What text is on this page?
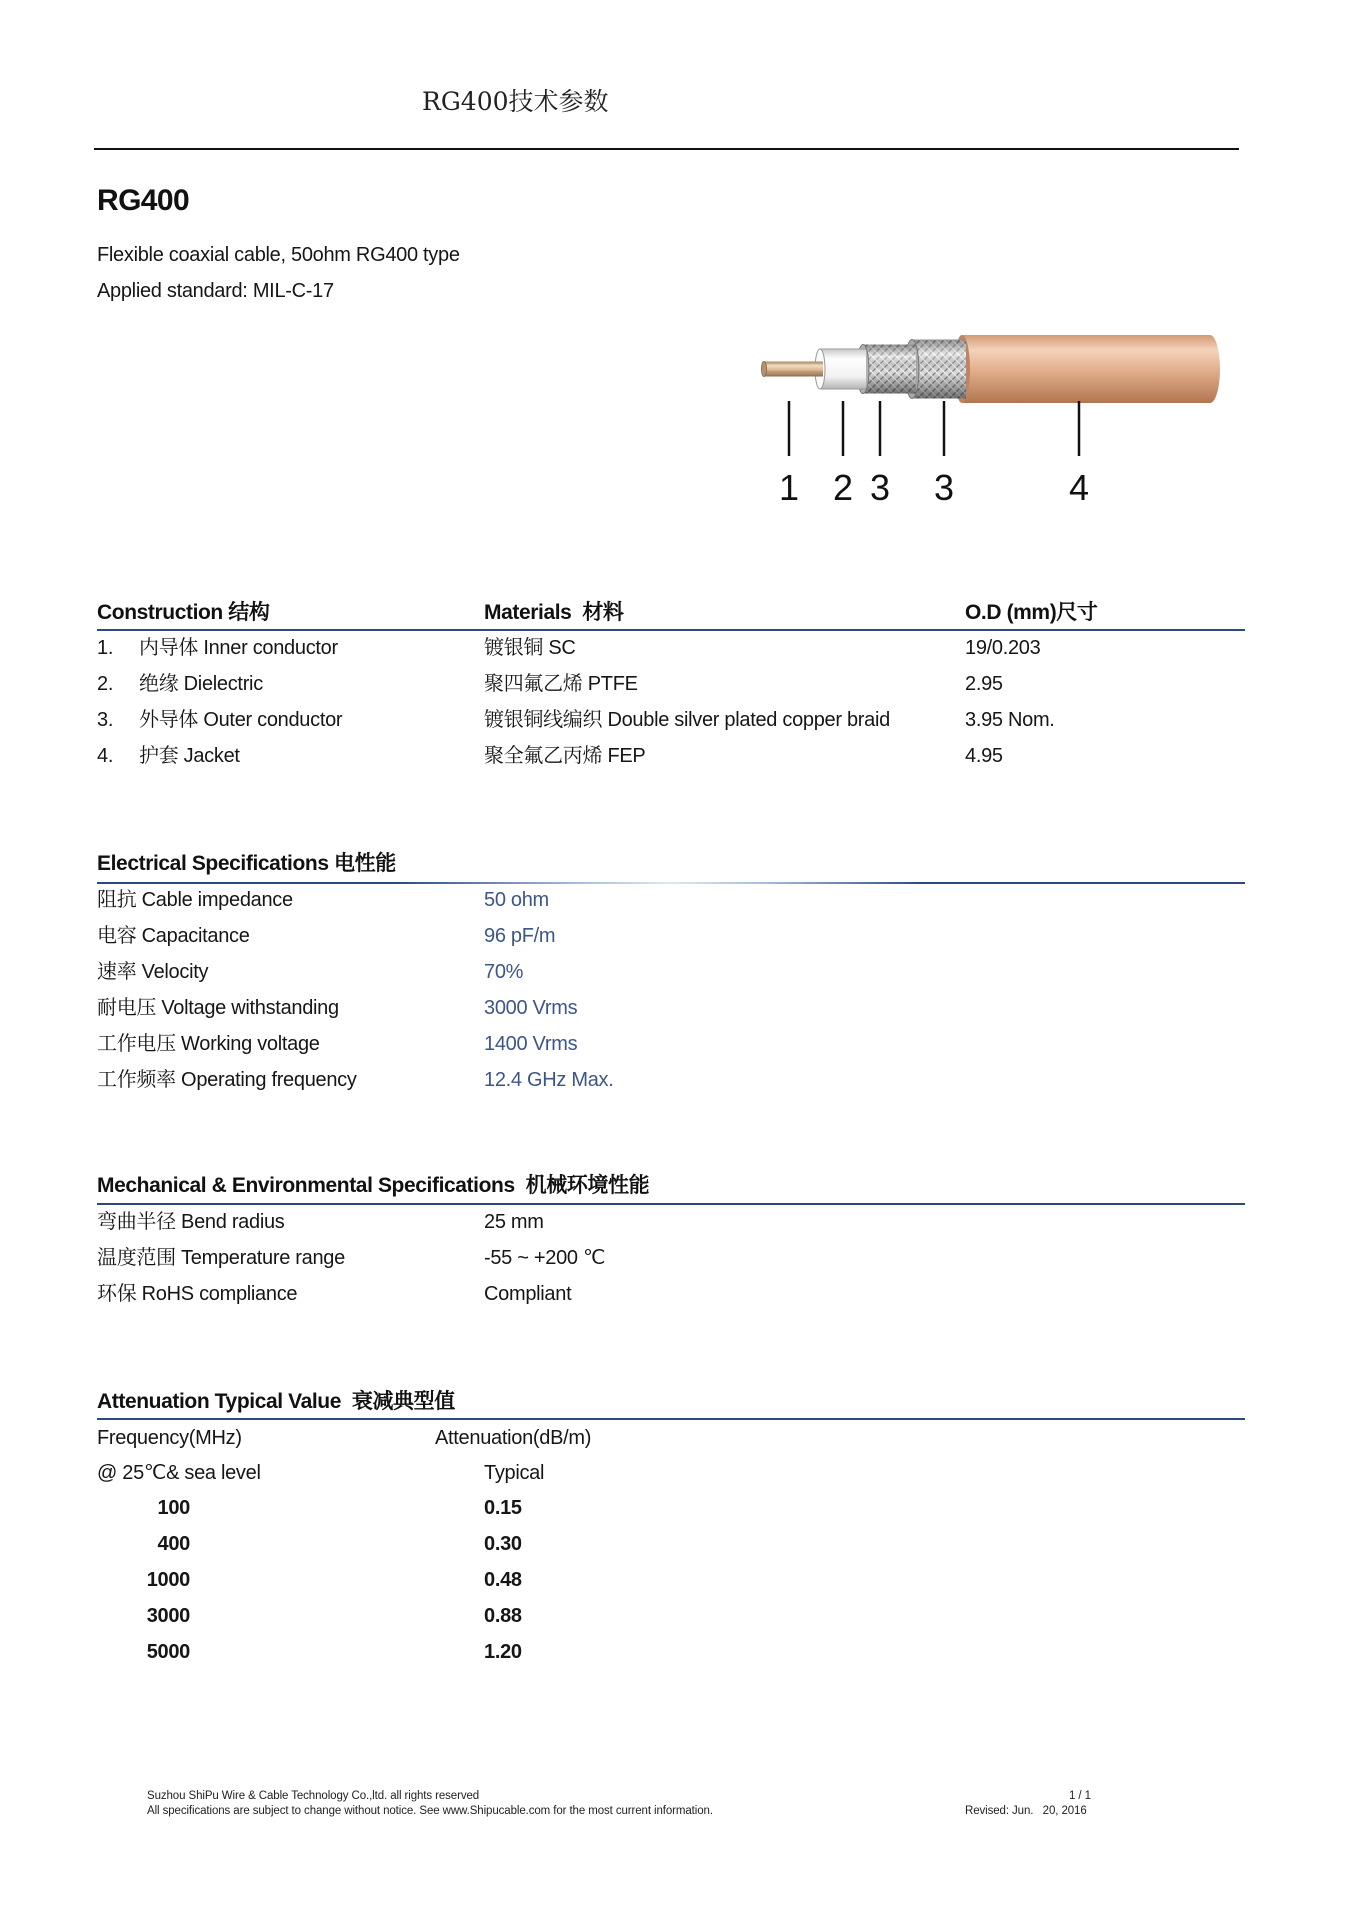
RG400技术参数
RG400
Flexible coaxial cable, 50ohm RG400 type
Applied standard: MIL-C-17
1 2 3 3	4
Construction 结构	Materials  材料	O.D (mm)尺寸
1. 内导体 Inner conductor	镀银铜 SC	19/0.203
2. 绝缘 Dielectric	聚四氟乙烯 PTFE	2.95
3. 外导体 Outer conductor	镀银铜线编织 Double silver plated copper braid	3.95 Nom.
4. 护套 Jacket	聚全氟乙丙烯 FEP	4.95
Electrical Specifications 电性能
阻抗 Cable impedance	50 ohm
电容 Capacitance	96 pF/m
速率 Velocity	70%
耐电压 Voltage withstanding	3000 Vrms
工作电压 Working voltage	1400 Vrms
工作频率 Operating frequency	12.4 GHz Max.
Mechanical & Environmental Specifications  机械环境性能
弯曲半径 Bend radius	25 mm
温度范围 Temperature range	-55 ~ +200 ℃
环保 RoHS compliance	Compliant
Attenuation Typical Value  衰减典型值
Frequency(MHz)	Attenuation(dB/m)
@ 25℃& sea level	Typical
100	0.15
400	0.30
1000	0.48
3000	0.88
5000	1.20
Suzhou ShiPu Wire & Cable Technology Co.,ltd. all rights reserved
All specifications are subject to change without notice. See www.Shipucable.com for the most current information.
1 / 1
Revised: Jun.   20, 2016
